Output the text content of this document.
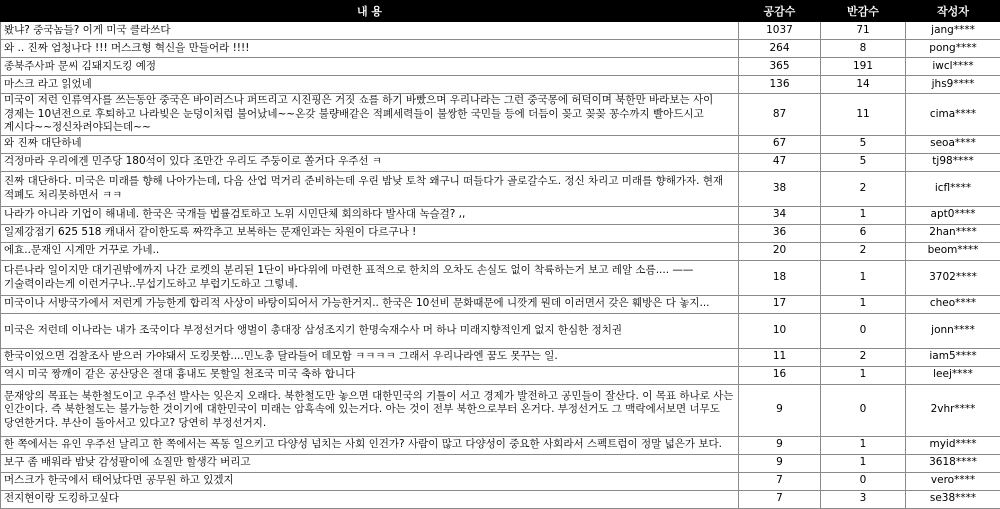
내 용	공감수	반감수	작성자
봤냐? 중국놈들? 이게 미국 클라쓰다	1037	71	jang****
와 .. 진짜 엄청나다 !!! 머스크형 혁신을 만들어라 !!!!	264	8	pong****
종북주사파 문씨 김돼지도킹 예정	365	191	iwcl****
마스크 라고 읽었네	136	14	jhs9****
미국이 저런 인류역사를 쓰는동안 중국은 바이러스나 퍼뜨리고 시진핑은 거짓 쇼를 하기 바빴으며 우리나라는 그런 중국몽에 허덕이며 북한만 바라보는 사이 경제는 10년전으로 후퇴하고 나라빚은 눈덩이처럼 불어났네~~온갖 불량배같은 적폐세력들이 불쌍한 국민들 등에 더듬이 꽂고 꽂꽂 꽁수까지 빨아드시고 계시다~~정신차려야되는데~~	87	11	cima****
와 진짜 대단하네	67	5	seoa****
걱정마라 우리에겐 민주당 180석이 있다 조만간 우리도 주둥이로 쏠거다 우주선 ㅋ	47	5	tj98****
진짜 대단하다. 미국은 미래를 향해 나아가는데, 다음 산업 먹거리 준비하는데 우린 밤낮 토착 왜구니 떠들다가 골로갈수도. 정신 차리고 미래를 향해가자. 현재 적폐도 처리못하면서 ㅋㅋ	38	2	icfl****
나라가 아니라 기업이 해내네. 한국은 국개들 법률검토하고 노위 시민단체 회의하다 발사대 녹슬걸? ,,	34	1	apt0****
일제강점기 625 518 캐내서 같이한도록 짜깍추고 보복하는 문재인과는 차원이 다르구나 !	36	6	2han****
에효..문재인 시계만 거꾸로 가네..	20	2	beom****
다른나라 일이지만 대기권밖에까지 나간 로켓의 분리된 1단이 바다위에 마련한 표적으로 한치의 오차도 손실도 없이 착륙하는거 보고 레알 소름.... —— 기술력이라는게 이런거구나..무섭기도하고 부럽기도하고 그렇네.	18	1	3702****
미국이나 서방국가에서 저런게 가능한게 합리적 사상이 바탕이되어서 가능한거지.. 한국은 10선비 문화때문에 니깟게 뭔데 이러면서 갖은 훼방은 다 놓지...	17	1	cheo****
미국은 저런데 이나라는 내가 조국이다 부정선거다 앵벌이 총대장 삼성조지기 한명숙재수사 머 하나 미래지향적인게 없지 한심한 정치권	10	0	jonn****
한국이었으면 검찰조사 받으러 가야돼서 도킹못함....민노총 달라들어 데모함 ㅋㅋㅋㅋ 그래서 우리나라엔 꿈도 못꾸는 일.	11	2	iam5****
역시 미국 짱깨이 같은 공산당은 절대 흉내도 못할일 천조국 미국 축하 합니다	16	1	leej****
문재앙의 목표는 북한철도이고 우주선 발사는 잊은지 오래다. 북한철도만 놓으면 대한민국의 기틀이 서고 경제가 발전하고 공민들이 잘산다. 이 목표 하나로 사는 인간이다. 즉 북한철도는 불가능한 것이기에 대한민국이 미래는 암흑속에 있는거다. 아는 것이 전부 북한으로부터 온거다. 부정선거도 그 맥락에서보면 너무도 당연한거다. 부산이 돌아서고 있다고? 당연히 부정선거지.	9	0	2vhr****
한 쪽에서는 유인 우주선 날리고 한 쪽에서는 폭동 일으키고 다양성 넘치는 사회 인건가? 사람이 많고 다양성이 중요한 사회라서 스펙트럼이 정말 넓은가 보다.	9	1	myid****
보구 좀 배워라 밤낮 감성팔이에 쇼질만 할생각 버리고	9	1	3618****
머스크가 한국에서 태어났다면 공무원 하고 있겠지	7	0	vero****
전지현이랑 도킹하고싶다	7	3	se38****
